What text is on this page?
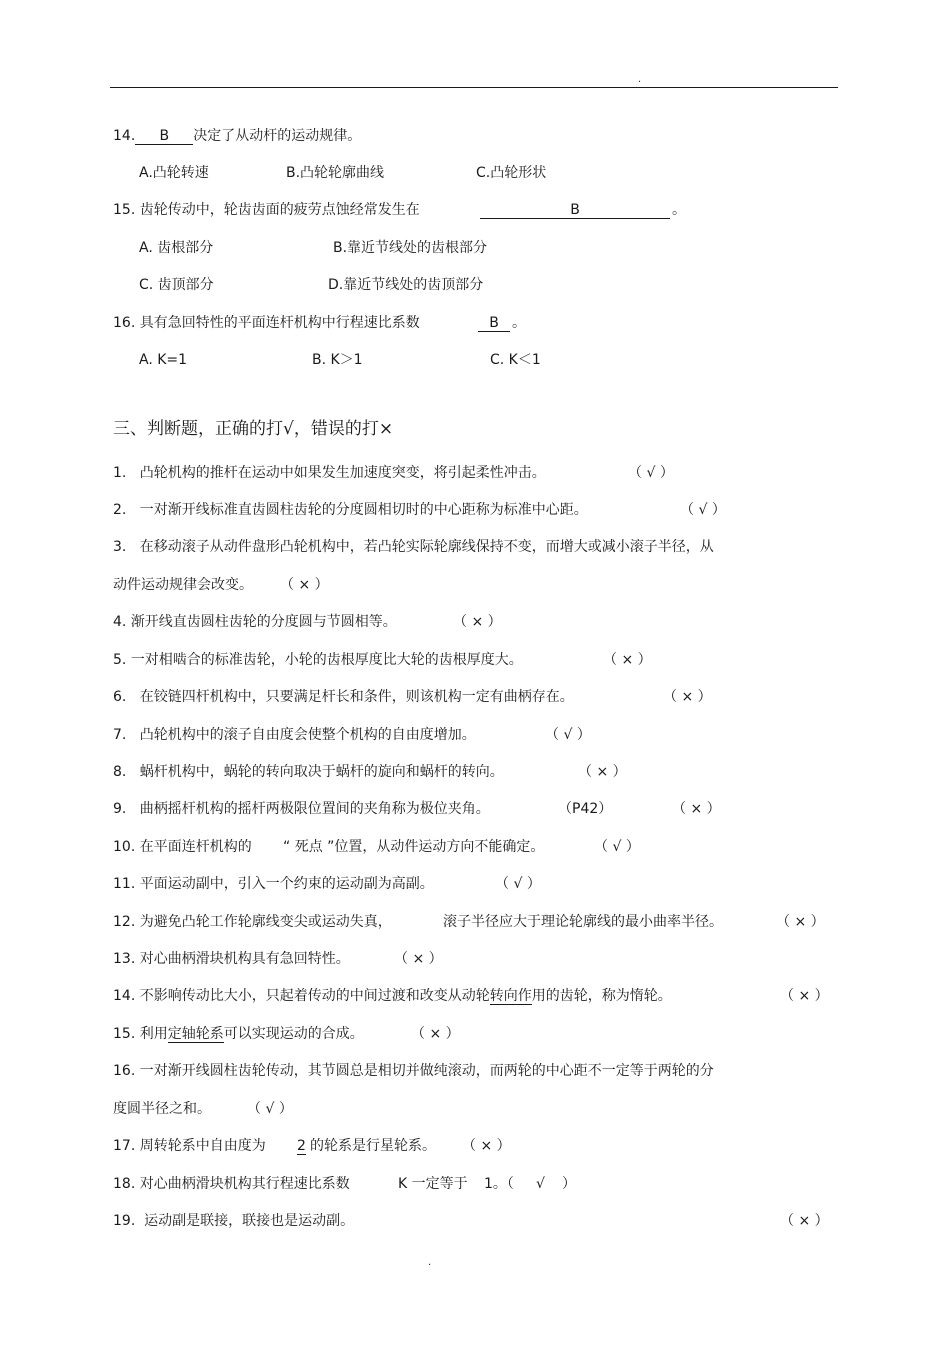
.
14. B 决定了从动杆的运动规律。
A.凸轮转速	B.凸轮轮廓曲线	C.凸轮形状
15. 齿轮传动中，轮齿齿面的疲劳点蚀经常发生在	B	。
A. 齿根部分	B.靠近节线处的齿根部分
C. 齿顶部分	D.靠近节线处的齿顶部分
16. 具有急回特性的平面连杆机构中行程速比系数	B 。
A. K=1	B. K＞1	C. K＜1
三、判断题，正确的打√，错误的打×
1. 凸轮机构的推杆在运动中如果发生加速度突变，将引起柔性冲击。	（ √ ）
2. 一对渐开线标准直齿圆柱齿轮的分度圆相切时的中心距称为标准中心距。	（ √ ）
3. 在移动滚子从动件盘形凸轮机构中，若凸轮实际轮廓线保持不变，而增大或减小滚子半径，从
动件运动规律会改变。 （ × ）
4. 渐开线直齿圆柱齿轮的分度圆与节圆相等。	（ × ）
5. 一对相啮合的标准齿轮，小轮的齿根厚度比大轮的齿根厚度大。	（ × ）
6. 在铰链四杆机构中，只要满足杆长和条件，则该机构一定有曲柄存在。	（ × ）
7. 凸轮机构中的滚子自由度会使整个机构的自由度增加。	（ √ ）
8. 蜗杆机构中，蜗轮的转向取决于蜗杆的旋向和蜗杆的转向。	（ × ）
9. 曲柄摇杆机构的摇杆两极限位置间的夹角称为极位夹角。	（P42）	（ × ）
10. 在平面连杆机构的 “ 死点 ”位置，从动件运动方向不能确定。	（ √ ）
11. 平面运动副中，引入一个约束的运动副为高副。	（ √ ）
12. 为避免凸轮工作轮廓线变尖或运动失真，	滚子半径应大于理论轮廓线的最小曲率半径。	（ × ）
13. 对心曲柄滑块机构具有急回特性。	（ × ）
14. 不影响传动比大小，只起着传动的中间过渡和改变从动轮转向作用的齿轮，称为惰轮。	（ × ）
15. 利用定轴轮系可以实现运动的合成。	（ × ）
16. 一对渐开线圆柱齿轮传动，其节圆总是相切并做纯滚动，而两轮的中心距不一定等于两轮的分
度圆半径之和。	（ √ ）
17. 周转轮系中自由度为 2 的轮系是行星轮系。 （ × ）
18. 对心曲柄滑块机构其行程速比系数	K 一定等于 1。（ √ ）
19. 运动副是联接，联接也是运动副。	（ × ）
.
